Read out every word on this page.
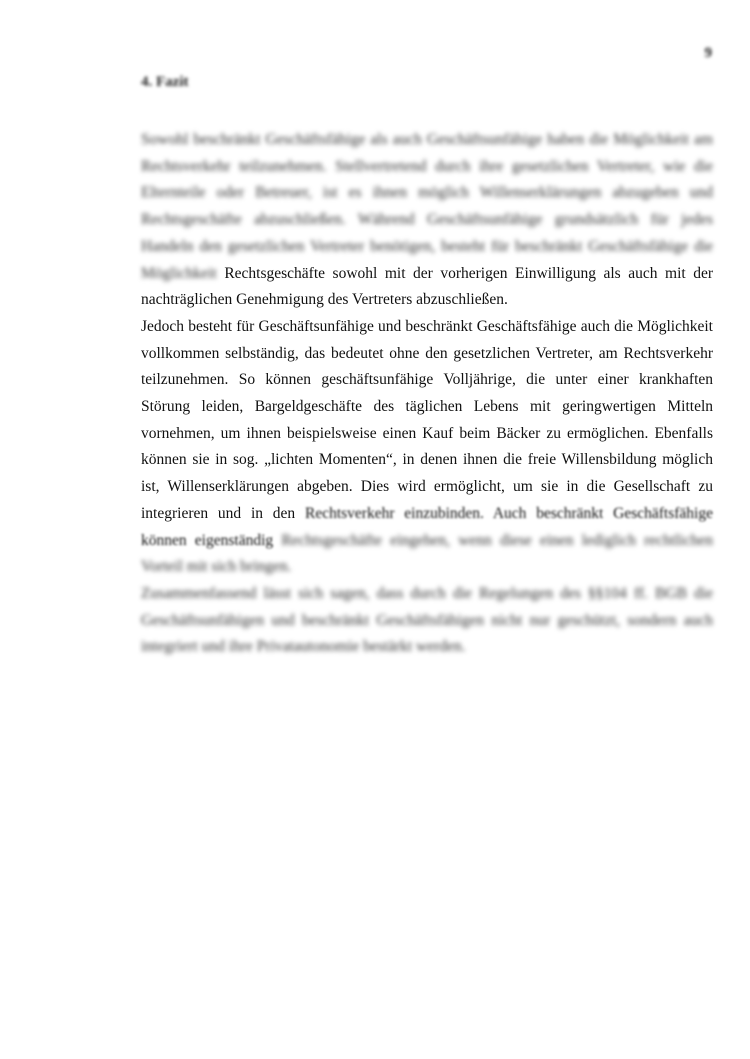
9
4. Fazit

Sowohl beschränkt Geschäftsfähige als auch Geschäftsunfähige haben die Möglichkeit am Rechtsverkehr teilzunehmen. Stellvertretend durch ihre gesetzlichen Vertreter, wie die Elternteile oder Betreuer, ist es ihnen möglich Willenserklärungen abzugeben und Rechtsgeschäfte abzuschließen. Während Geschäftsunfähige grundsätzlich für jedes Handeln den gesetzlichen Vertreter benötigen, besteht für beschränkt Geschäftsfähige die Möglichkeit Rechtsgeschäfte sowohl mit der vorherigen Einwilligung als auch mit der nachträglichen Genehmigung des Vertreters abzuschließen.

Jedoch besteht für Geschäftsunfähige und beschränkt Geschäftsfähige auch die Möglichkeit vollkommen selbständig, das bedeutet ohne den gesetzlichen Vertreter, am Rechtsverkehr teilzunehmen. So können geschäftsunfähige Volljährige, die unter einer krankhaften Störung leiden, Bargeldgeschäfte des täglichen Lebens mit geringwertigen Mitteln vornehmen, um ihnen beispielsweise einen Kauf beim Bäcker zu ermöglichen. Ebenfalls können sie in sog. „lichten Momenten“, in denen ihnen die freie Willensbildung möglich ist, Willenserklärungen abgeben. Dies wird ermöglicht, um sie in die Gesellschaft zu integrieren und in den Rechtsverkehr einzubinden. Auch beschränkt Geschäftsfähige können eigenständig Rechtsgeschäfte eingehen, wenn diese einen lediglich rechtlichen Vorteil mit sich bringen.

Zusammenfassend lässt sich sagen, dass durch die Regelungen des §§104 ff. BGB die Geschäftsunfähigen und beschränkt Geschäftsfähigen nicht nur geschützt, sondern auch integriert und ihre Privatautonomie bestärkt werden.
